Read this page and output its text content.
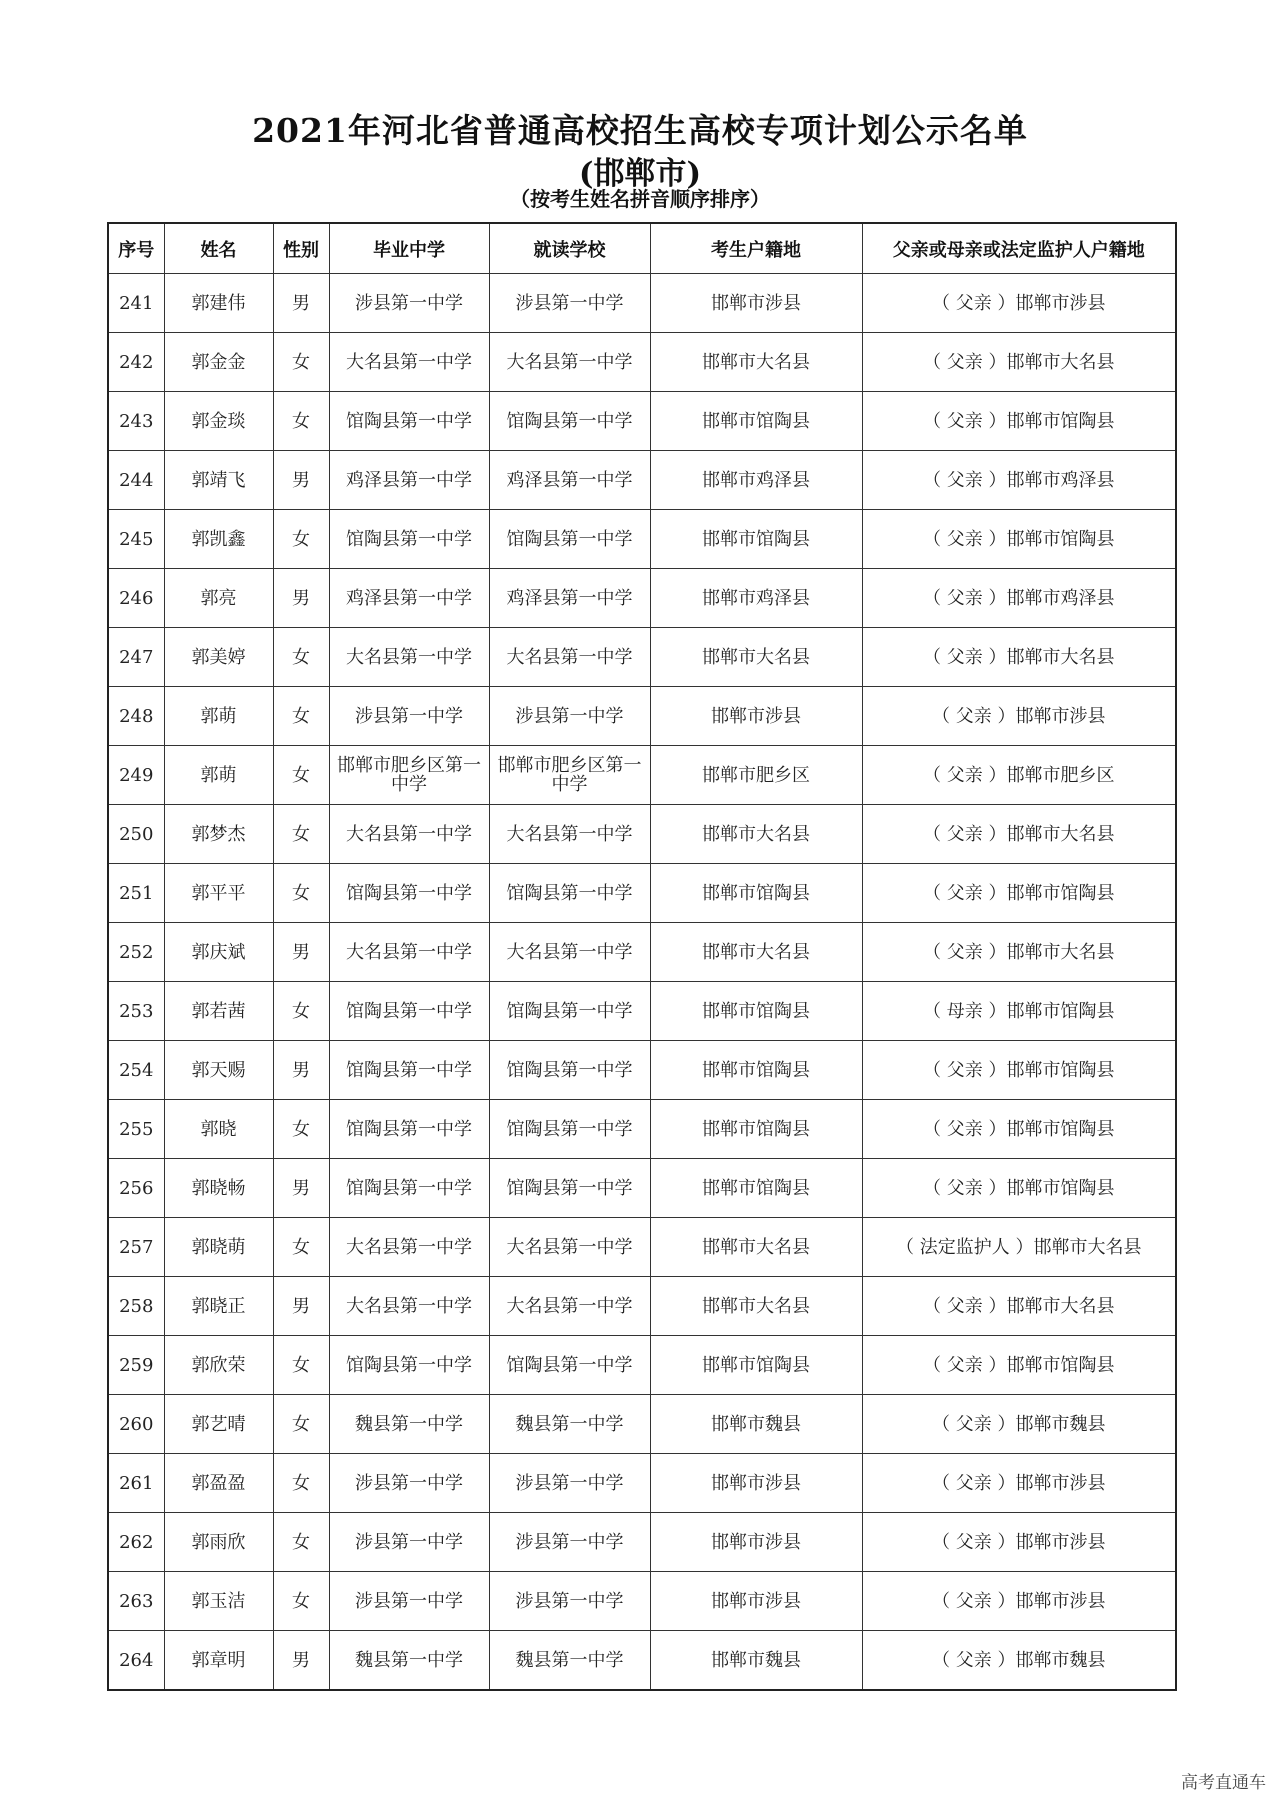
2021年河北省普通高校招生高校专项计划公示名单
(邯郸市)
（按考生姓名拼音顺序排序）
序号	姓名	性别	毕业中学	就读学校	考生户籍地	父亲或母亲或法定监护人户籍地
241	郭建伟	男	涉县第一中学	涉县第一中学	邯郸市涉县	（ 父亲 ）邯郸市涉县
242	郭金金	女	大名县第一中学	大名县第一中学	邯郸市大名县	（ 父亲 ）邯郸市大名县
243	郭金琰	女	馆陶县第一中学	馆陶县第一中学	邯郸市馆陶县	（ 父亲 ）邯郸市馆陶县
244	郭靖飞	男	鸡泽县第一中学	鸡泽县第一中学	邯郸市鸡泽县	（ 父亲 ）邯郸市鸡泽县
245	郭凯鑫	女	馆陶县第一中学	馆陶县第一中学	邯郸市馆陶县	（ 父亲 ）邯郸市馆陶县
246	郭亮	男	鸡泽县第一中学	鸡泽县第一中学	邯郸市鸡泽县	（ 父亲 ）邯郸市鸡泽县
247	郭美婷	女	大名县第一中学	大名县第一中学	邯郸市大名县	（ 父亲 ）邯郸市大名县
248	郭萌	女	涉县第一中学	涉县第一中学	邯郸市涉县	（ 父亲 ）邯郸市涉县
249	郭萌	女	邯郸市肥乡区第一中学	邯郸市肥乡区第一中学	邯郸市肥乡区	（ 父亲 ）邯郸市肥乡区
250	郭梦杰	女	大名县第一中学	大名县第一中学	邯郸市大名县	（ 父亲 ）邯郸市大名县
251	郭平平	女	馆陶县第一中学	馆陶县第一中学	邯郸市馆陶县	（ 父亲 ）邯郸市馆陶县
252	郭庆斌	男	大名县第一中学	大名县第一中学	邯郸市大名县	（ 父亲 ）邯郸市大名县
253	郭若茜	女	馆陶县第一中学	馆陶县第一中学	邯郸市馆陶县	（ 母亲 ）邯郸市馆陶县
254	郭天赐	男	馆陶县第一中学	馆陶县第一中学	邯郸市馆陶县	（ 父亲 ）邯郸市馆陶县
255	郭晓	女	馆陶县第一中学	馆陶县第一中学	邯郸市馆陶县	（ 父亲 ）邯郸市馆陶县
256	郭晓畅	男	馆陶县第一中学	馆陶县第一中学	邯郸市馆陶县	（ 父亲 ）邯郸市馆陶县
257	郭晓萌	女	大名县第一中学	大名县第一中学	邯郸市大名县	（ 法定监护人 ）邯郸市大名县
258	郭晓正	男	大名县第一中学	大名县第一中学	邯郸市大名县	（ 父亲 ）邯郸市大名县
259	郭欣荣	女	馆陶县第一中学	馆陶县第一中学	邯郸市馆陶县	（ 父亲 ）邯郸市馆陶县
260	郭艺晴	女	魏县第一中学	魏县第一中学	邯郸市魏县	（ 父亲 ）邯郸市魏县
261	郭盈盈	女	涉县第一中学	涉县第一中学	邯郸市涉县	（ 父亲 ）邯郸市涉县
262	郭雨欣	女	涉县第一中学	涉县第一中学	邯郸市涉县	（ 父亲 ）邯郸市涉县
263	郭玉洁	女	涉县第一中学	涉县第一中学	邯郸市涉县	（ 父亲 ）邯郸市涉县
264	郭章明	男	魏县第一中学	魏县第一中学	邯郸市魏县	（ 父亲 ）邯郸市魏县
高考直通车
